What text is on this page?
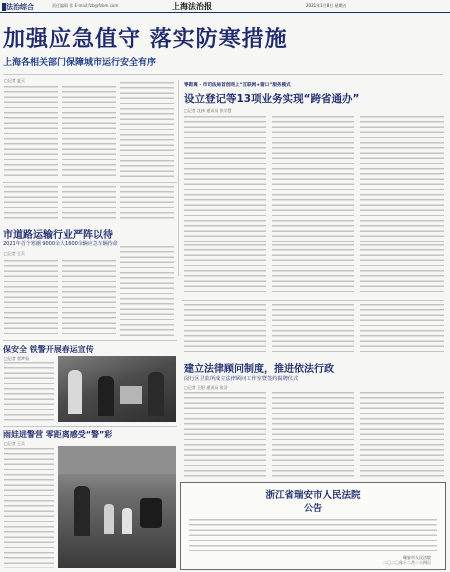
法治综合	责任编辑 张 E-mail:fzb@fzbm.com	上海法治报	2021年1月8日 星期五
加强应急值守 落实防寒措施
上海各相关部门保障城市运行安全有序
□记者 夏天
零距离 · 市司法局首创网上“互联网+窗口”服务模式
设立登记等13项业务实现“跨省通办”
□记者 沈祎 通讯员 张学慧
市道路运输行业严阵以待
2021年首个寒潮 9000余人1600余辆应急车辆待命
□记者 王兵
保安全 铁警开展春运宣传
□记者 翟梦茹
雨娃进警营 零距离感受“警”彩
□记者 王兵
建立法律顾问制度，推进依法行政
闵行区卫监所成立法律顾问工作室暨签约揭牌仪式
□记者 王阳 通讯员 张洁
浙江省瑞安市人民法院
公告
瑞安市人民法院
二〇二〇年十二月二十四日
